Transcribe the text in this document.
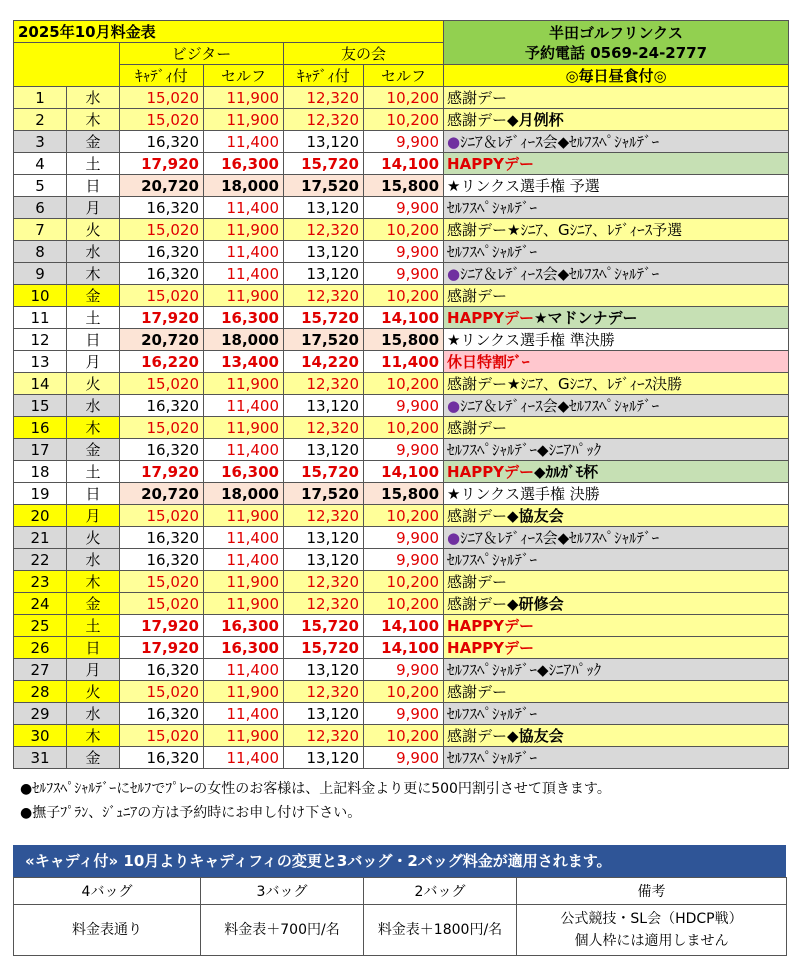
2025年10月料金表						半田ゴルフリンクス
予約電話 0569-24-2777

		ビジター		友の会		
		ｷｬﾃﾞｨ付	セルフ	ｷｬﾃﾞｨ付	セルフ	◎毎日昼食付◎
1	水	15,020	11,900	12,320	10,200	感謝デー
2	木	15,020	11,900	12,320	10,200	感謝デー◆月例杯
3	金	16,320	11,400	13,120	9,900	●ｼﾆｱ＆ﾚﾃﾞｨｰｽ会◆ｾﾙﾌｽﾍﾟｼｬﾙﾃﾞｰ
4	土	17,920	16,300	15,720	14,100	HAPPYデー
5	日	20,720	18,000	17,520	15,800	★リンクス選手権 予選
6	月	16,320	11,400	13,120	9,900	ｾﾙﾌｽﾍﾟｼｬﾙﾃﾞｰ
7	火	15,020	11,900	12,320	10,200	感謝デー★ｼﾆｱ、Gｼﾆｱ、ﾚﾃﾞｨｰｽ予選
8	水	16,320	11,400	13,120	9,900	ｾﾙﾌｽﾍﾟｼｬﾙﾃﾞｰ
9	木	16,320	11,400	13,120	9,900	●ｼﾆｱ＆ﾚﾃﾞｨｰｽ会◆ｾﾙﾌｽﾍﾟｼｬﾙﾃﾞｰ
10	金	15,020	11,900	12,320	10,200	感謝デー
11	土	17,920	16,300	15,720	14,100	HAPPYデー★マドンナデー
12	日	20,720	18,000	17,520	15,800	★リンクス選手権 準決勝
13	月	16,220	13,400	14,220	11,400	休日特割ﾃﾞｰ
14	火	15,020	11,900	12,320	10,200	感謝デー★ｼﾆｱ、Gｼﾆｱ、ﾚﾃﾞｨｰｽ決勝
15	水	16,320	11,400	13,120	9,900	●ｼﾆｱ＆ﾚﾃﾞｨｰｽ会◆ｾﾙﾌｽﾍﾟｼｬﾙﾃﾞｰ
16	木	15,020	11,900	12,320	10,200	感謝デー
17	金	16,320	11,400	13,120	9,900	ｾﾙﾌｽﾍﾟｼｬﾙﾃﾞｰ◆ｼﾆｱﾊﾟｯｸ
18	土	17,920	16,300	15,720	14,100	HAPPYデー◆ｶﾙｶﾞﾓ杯
19	日	20,720	18,000	17,520	15,800	★リンクス選手権 決勝
20	月	15,020	11,900	12,320	10,200	感謝デー◆協友会
21	火	16,320	11,400	13,120	9,900	●ｼﾆｱ＆ﾚﾃﾞｨｰｽ会◆ｾﾙﾌｽﾍﾟｼｬﾙﾃﾞｰ
22	水	16,320	11,400	13,120	9,900	ｾﾙﾌｽﾍﾟｼｬﾙﾃﾞｰ
23	木	15,020	11,900	12,320	10,200	感謝デー
24	金	15,020	11,900	12,320	10,200	感謝デー◆研修会
25	土	17,920	16,300	15,720	14,100	HAPPYデー
26	日	17,920	16,300	15,720	14,100	HAPPYデー
27	月	16,320	11,400	13,120	9,900	ｾﾙﾌｽﾍﾟｼｬﾙﾃﾞｰ◆ｼﾆｱﾊﾟｯｸ
28	火	15,020	11,900	12,320	10,200	感謝デー
29	水	16,320	11,400	13,120	9,900	ｾﾙﾌｽﾍﾟｼｬﾙﾃﾞｰ
30	木	15,020	11,900	12,320	10,200	感謝デー◆協友会
31	金	16,320	11,400	13,120	9,900	ｾﾙﾌｽﾍﾟｼｬﾙﾃﾞｰ
●ｾﾙﾌｽﾍﾟｼｬﾙﾃﾞｰにｾﾙﾌでﾌﾟﾚｰの女性のお客様は、上記料金より更に500円割引させて頂きます。
●撫子ﾌﾟﾗﾝ、ｼﾞｭﾆｱの方は予約時にお申し付け下さい。
«キャディ付» 10月よりキャディフィの変更と3バッグ・2バッグ料金が適用されます。
4バッグ	3バッグ	2バッグ	備考
料金表通り	料金表＋700円/名	料金表＋1800円/名	公式競技・SL会（HDCP戦）
個人枠には適用しません
